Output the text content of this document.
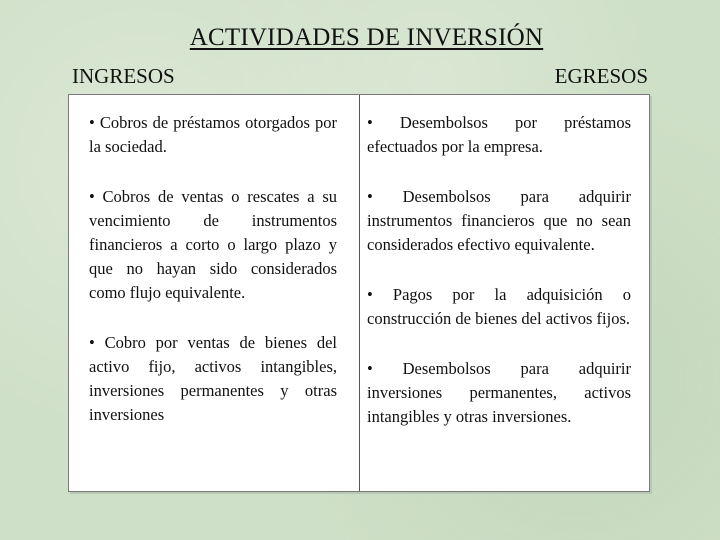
ACTIVIDADES DE INVERSIÓN
INGRESOS	EGRESOS

• Cobros de préstamos otorgados por la sociedad.

• Cobros de ventas o rescates a su vencimiento de instrumentos financieros a corto o largo plazo y que no hayan sido considerados como flujo equivalente.

• Cobro por ventas de bienes del activo fijo, activos intangibles, inversiones permanentes y otras inversiones

• Desembolsos por préstamos efectuados por la empresa.

• Desembolsos para adquirir instrumentos financieros que no sean considerados efectivo equivalente.

• Pagos por la adquisición o construcción de bienes del activos fijos.

• Desembolsos para adquirir inversiones permanentes, activos intangibles y otras inversiones.
